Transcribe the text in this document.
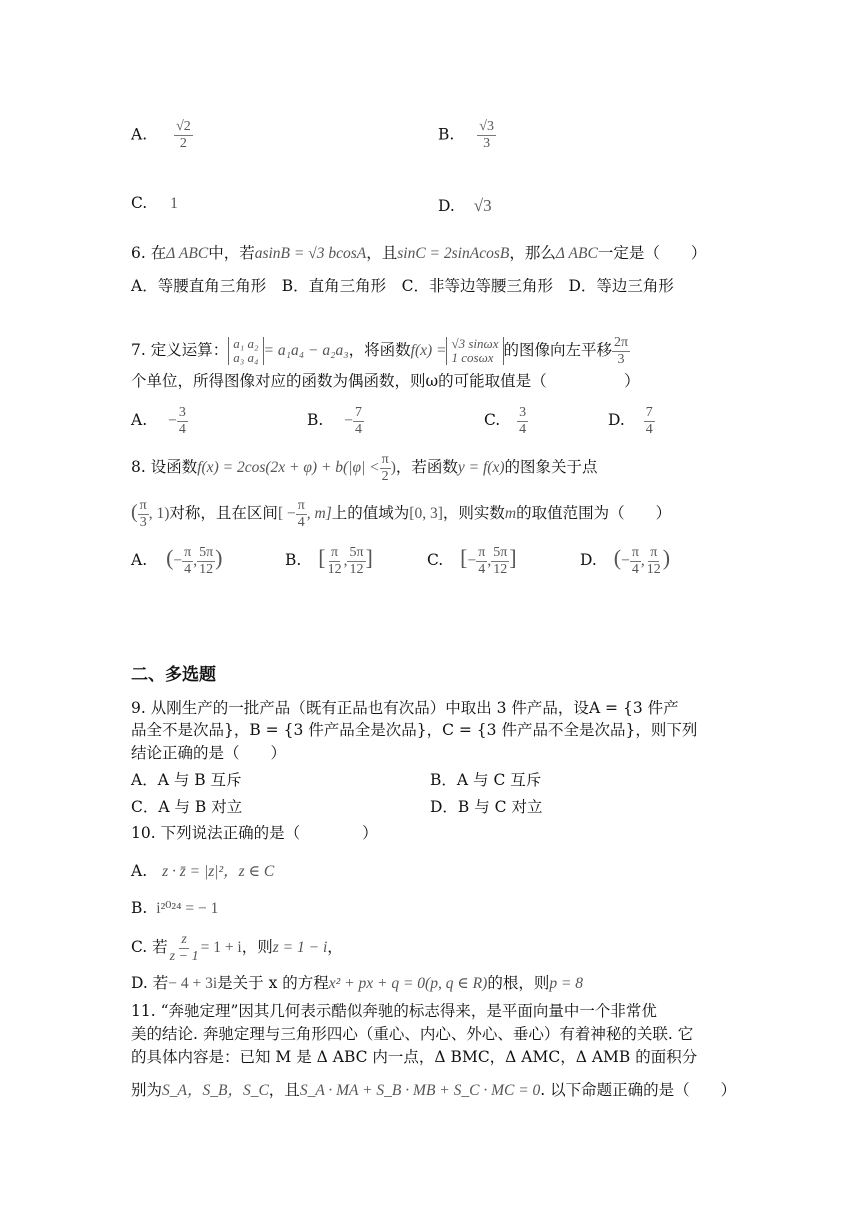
A. $\frac{√2}{2}$	B. $\frac{√3}{3}$
C. 1	D. √3
6. 在Δ ABC中，若asinB = √3 bcosA，且sinC = 2sinAcosB，那么Δ ABC一定是（　　）
A．等腰直角三角形　B．直角三角形　C．非等边等腰三角形　D．等边三角形
7. 定义运算： a₁ a₂
a₃ a₄ = a₁a₄ − a₂a₃，将函数f(x) = √3 sinωx
1 cosωx 的图像向左平移 $\frac{2\pi}{3}$
个单位，所得图像对应的函数为偶函数，则ω的可能取值是（　　　　　）
A. − $\frac{3}{4}$	B. − $\frac{7}{4}$	C. $\frac{3}{4}$	D. $\frac{7}{4}$
8. 设函数$f(x) = 2\cos(2x + \varphi) + b(|\varphi| < \frac{\pi}{2}$ )，若函数y = f(x)的图象关于点
( $\frac{\pi}{3}$ , 1)对称，且在区间[ − $\frac{\pi}{4}$ , m]上的值域为[0, 3]，则实数m的取值范围为（　　）
A. (− $\frac{\pi}{4}$ , $\frac{5\pi}{12}$ )	B. [ $\frac{\pi}{12}$ , $\frac{5\pi}{12}$ ]	C. [− $\frac{\pi}{4}$ , $\frac{5\pi}{12}$ ]	D. (− $\frac{\pi}{4}$ , $\frac{\pi}{12}$ )
二、多选题
9. 从刚生产的一批产品（既有正品也有次品）中取出 3 件产品，设A = {3 件产
品全不是次品}，B = {3 件产品全是次品}，C = {3 件产品不全是次品}，则下列
结论正确的是（　　）
A．A 与 B 互斥	B．A 与 C 互斥
C．A 与 B 对立	D．B 与 C 对立
10. 下列说法正确的是（　　　　）
A. z · z̄ = |z|²，z ∈ C
B. i²⁰²⁴ = − 1
C. 若 $\frac{z}{z - 1} = 1 + i$，则z = 1 − i，
D. 若− 4 + 3i是关于 x 的方程x² + px + q = 0(p, q ∈ R)的根，则p = 8
11. “奔驰定理”因其几何表示酷似奔驰的标志得来，是平面向量中一个非常优
美的结论. 奔驰定理与三角形四心（重心、内心、外心、垂心）有着神秘的关联. 它
的具体内容是：已知 M 是 Δ ABC 内一点，Δ BMC，Δ AMC，Δ AMB 的面积分
别为S_A，S_B，S_C，且S_A · MA + S_B · MB + S_C · MC = 0. 以下命题正确的是（　　）
